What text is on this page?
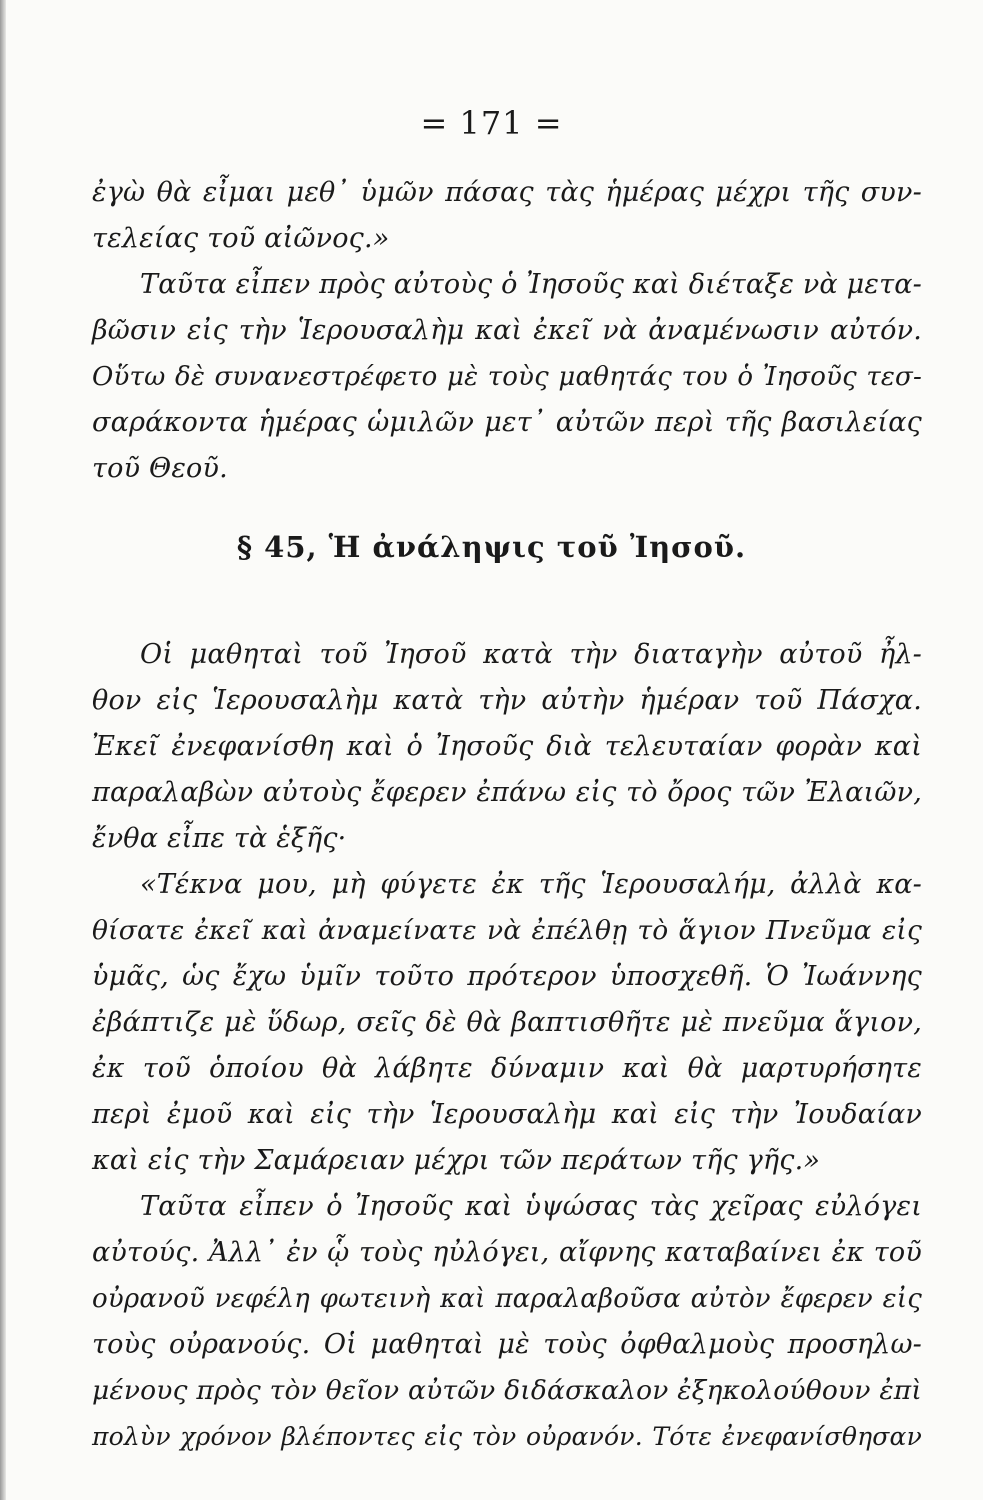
= 171 =
ἐγὼ θὰ εἶμαι μεθ᾽ ὑμῶν πάσας τὰς ἡμέρας μέχρι τῆς συν-
τελείας τοῦ αἰῶνος.»
Ταῦτα εἶπεν πρὸς αὐτοὺς ὁ Ἰησοῦς καὶ διέταξε νὰ μετα-
βῶσιν εἰς τὴν Ἱερουσαλὴμ καὶ ἐκεῖ νὰ ἀναμένωσιν αὐτόν.
Οὕτω δὲ συνανεστρέφετο μὲ τοὺς μαθητάς του ὁ Ἰησοῦς τεσ-
σαράκοντα ἡμέρας ὡμιλῶν μετ᾽ αὐτῶν περὶ τῆς βασιλείας
τοῦ Θεοῦ.
§ 45, Ἡ ἀνάληψις τοῦ Ἰησοῦ.
Οἱ μαθηταὶ τοῦ Ἰησοῦ κατὰ τὴν διαταγὴν αὐτοῦ ἦλ-
θον εἰς Ἱερουσαλὴμ κατὰ τὴν αὐτὴν ἡμέραν τοῦ Πάσχα.
Ἐκεῖ ἐνεφανίσθη καὶ ὁ Ἰησοῦς διὰ τελευταίαν φορὰν καὶ
παραλαβὼν αὐτοὺς ἔφερεν ἐπάνω εἰς τὸ ὄρος τῶν Ἐλαιῶν,
ἔνθα εἶπε τὰ ἑξῆς·
«Τέκνα μου, μὴ φύγετε ἐκ τῆς Ἱερουσαλήμ, ἀλλὰ κα-
θίσατε ἐκεῖ καὶ ἀναμείνατε νὰ ἐπέλθῃ τὸ ἅγιον Πνεῦμα εἰς
ὑμᾶς, ὡς ἔχω ὑμῖν τοῦτο πρότερον ὑποσχεθῆ. Ὁ Ἰωάννης
ἐβάπτιζε μὲ ὕδωρ, σεῖς δὲ θὰ βαπτισθῆτε μὲ πνεῦμα ἅγιον,
ἐκ τοῦ ὁποίου θὰ λάβητε δύναμιν καὶ θὰ μαρτυρήσητε
περὶ ἐμοῦ καὶ εἰς τὴν Ἱερουσαλὴμ καὶ εἰς τὴν Ἰουδαίαν
καὶ εἰς τὴν Σαμάρειαν μέχρι τῶν περάτων τῆς γῆς.»
Ταῦτα εἶπεν ὁ Ἰησοῦς καὶ ὑψώσας τὰς χεῖρας εὐλόγει
αὐτούς. Ἀλλ᾽ ἐν ᾧ τοὺς ηὐλόγει, αἴφνης καταβαίνει ἐκ τοῦ
οὐρανοῦ νεφέλη φωτεινὴ καὶ παραλαβοῦσα αὐτὸν ἔφερεν εἰς
τοὺς οὐρανούς. Οἱ μαθηταὶ μὲ τοὺς ὀφθαλμοὺς προσηλω-
μένους πρὸς τὸν θεῖον αὐτῶν διδάσκαλον ἐξηκολούθουν ἐπὶ
πολὺν χρόνον βλέποντες εἰς τὸν οὐρανόν. Τότε ἐνεφανίσθησαν
